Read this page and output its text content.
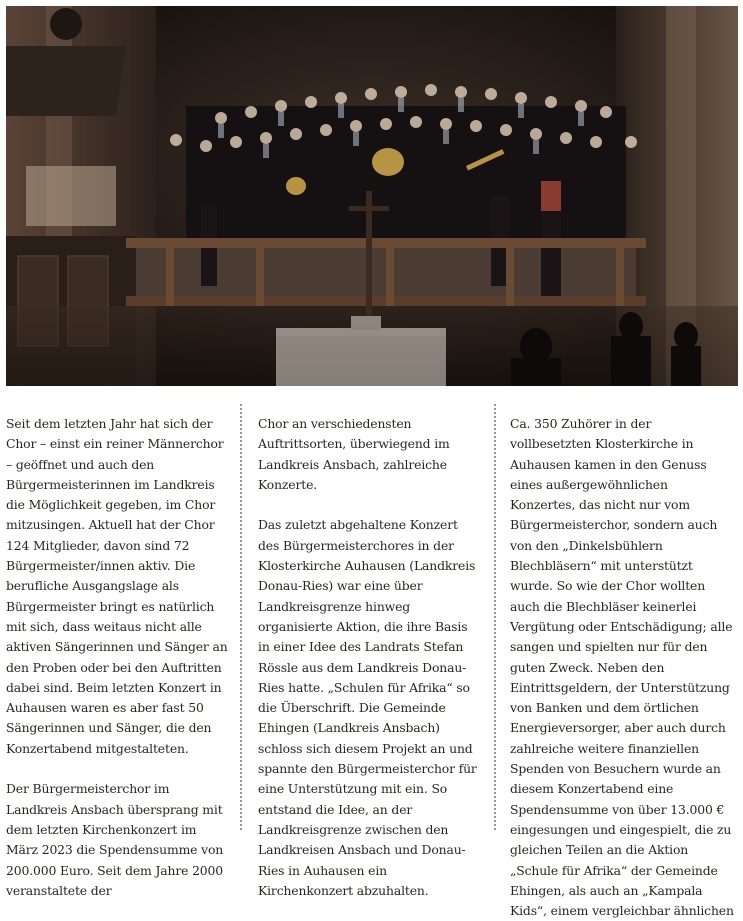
Seit dem letzten Jahr hat sich der Chor – einst ein reiner Männerchor – geöffnet und auch den Bürgermeisterinnen im Landkreis die Möglichkeit gegeben, im Chor mitzusingen. Aktuell hat der Chor 124 Mitglieder, davon sind 72 Bürgermeister/innen aktiv. Die berufliche Ausgangslage als Bürgermeister bringt es natürlich mit sich, dass weitaus nicht alle aktiven Sängerinnen und Sänger an den Proben oder bei den Auftritten dabei sind. Beim letzten Konzert in Auhausen waren es aber fast 50 Sängerinnen und Sänger, die den Konzertabend mitgestalteten.

Der Bürgermeisterchor im Landkreis Ansbach übersprang mit dem letzten Kirchenkonzert im März 2023 die Spendensumme von 200.000 Euro. Seit dem Jahre 2000 veranstaltete der

Chor an verschiedensten Auftrittsorten, überwiegend im Landkreis Ansbach, zahlreiche Konzerte.

Das zuletzt abgehaltene Konzert des Bürgermeisterchores in der Klosterkirche Auhausen (Landkreis Donau-Ries) war eine über Landkreisgrenze hinweg organisierte Aktion, die ihre Basis in einer Idee des Landrats Stefan Rössle aus dem Landkreis Donau-Ries hatte. „Schulen für Afrika“ so die Überschrift. Die Gemeinde Ehingen (Landkreis Ansbach) schloss sich diesem Projekt an und spannte den Bürgermeisterchor für eine Unterstützung mit ein. So entstand die Idee, an der Landkreisgrenze zwischen den Landkreisen Ansbach und Donau-Ries in Auhausen ein Kirchenkonzert abzuhalten.

Ca. 350 Zuhörer in der vollbesetzten Klosterkirche in Auhausen kamen in den Genuss eines außergewöhnlichen Konzertes, das nicht nur vom Bürgermeisterchor, sondern auch von den „Dinkelsbühlern Blechbläsern“ mit unterstützt wurde. So wie der Chor wollten auch die Blechbläser keinerlei Vergütung oder Entschädigung; alle sangen und spielten nur für den guten Zweck. Neben den Eintrittsgeldern, der Unterstützung von Banken und dem örtlichen Energieversorger, aber auch durch zahlreiche weitere finanziellen Spenden von Besuchern wurde an diesem Konzertabend eine Spendensumme von über 13.000 € eingesungen und eingespielt, die zu gleichen Teilen an die Aktion „Schule für Afrika“ der Gemeinde Ehingen, als auch an „Kampala Kids“, einem vergleichbar ähnlichen
